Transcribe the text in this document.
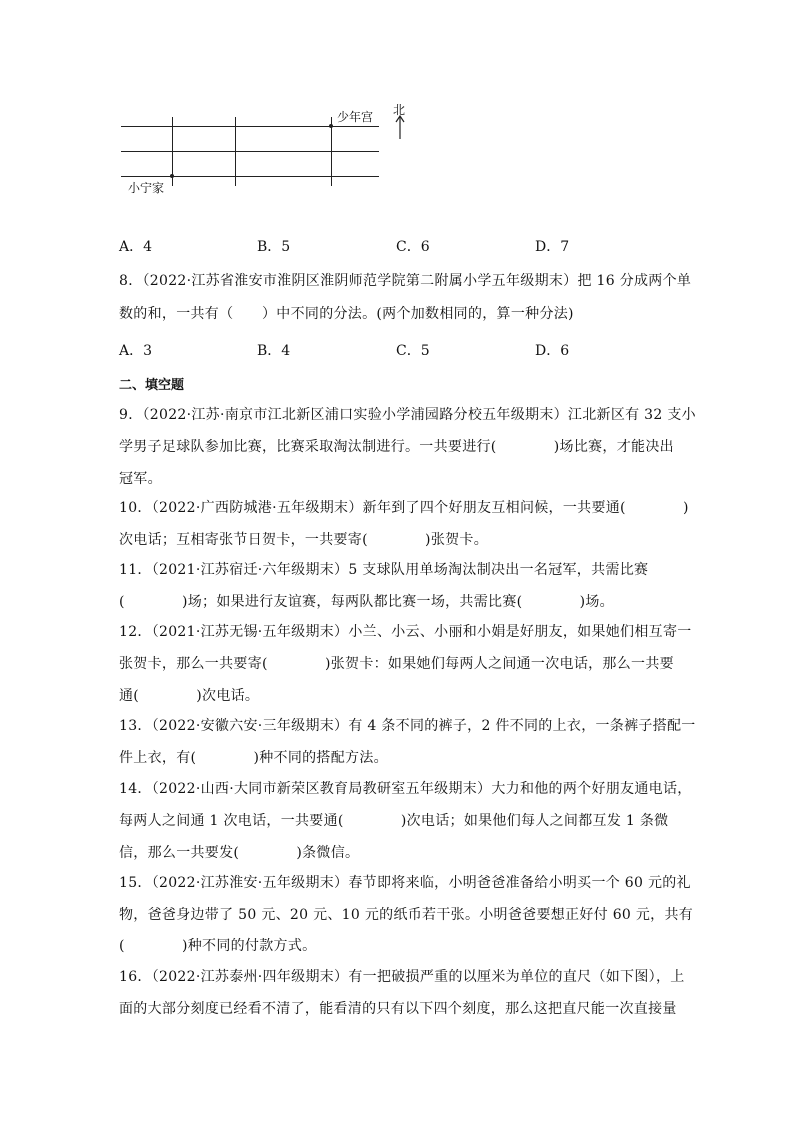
少年宫
小宁家
北
A．4	B．5	C．6	D．7
8．（2022·江苏省淮安市淮阴区淮阴师范学院第二附属小学五年级期末）把 16 分成两个单
数的和，一共有（　　）中不同的分法。(两个加数相同的，算一种分法)
A．3	B．4	C．5	D．6
二、填空题
9．（2022·江苏·南京市江北新区浦口实验小学浦园路分校五年级期末）江北新区有 32 支小
学男子足球队参加比赛，比赛采取淘汰制进行。一共要进行(　　　　)场比赛，才能决出
冠军。
10．（2022·广西防城港·五年级期末）新年到了四个好朋友互相问候，一共要通(　　　　)
次电话；互相寄张节日贺卡，一共要寄(　　　　)张贺卡。
11．（2021·江苏宿迁·六年级期末）5 支球队用单场淘汰制决出一名冠军，共需比赛
(　　　　)场；如果进行友谊赛，每两队都比赛一场，共需比赛(　　　　)场。
12．（2021·江苏无锡·五年级期末）小兰、小云、小丽和小娟是好朋友，如果她们相互寄一
张贺卡，那么一共要寄(　　　　)张贺卡：如果她们每两人之间通一次电话，那么一共要
通(　　　　)次电话。
13．（2022·安徽六安·三年级期末）有 4 条不同的裤子，2 件不同的上衣，一条裤子搭配一
件上衣，有(　　　　)种不同的搭配方法。
14．（2022·山西·大同市新荣区教育局教研室五年级期末）大力和他的两个好朋友通电话，
每两人之间通 1 次电话，一共要通(　　　　)次电话；如果他们每人之间都互发 1 条微
信，那么一共要发(　　　　)条微信。
15．（2022·江苏淮安·五年级期末）春节即将来临，小明爸爸准备给小明买一个 60 元的礼
物，爸爸身边带了 50 元、20 元、10 元的纸币若干张。小明爸爸要想正好付 60 元，共有
(　　　　)种不同的付款方式。
16．（2022·江苏泰州·四年级期末）有一把破损严重的以厘米为单位的直尺（如下图），上
面的大部分刻度已经看不清了，能看清的只有以下四个刻度，那么这把直尺能一次直接量
